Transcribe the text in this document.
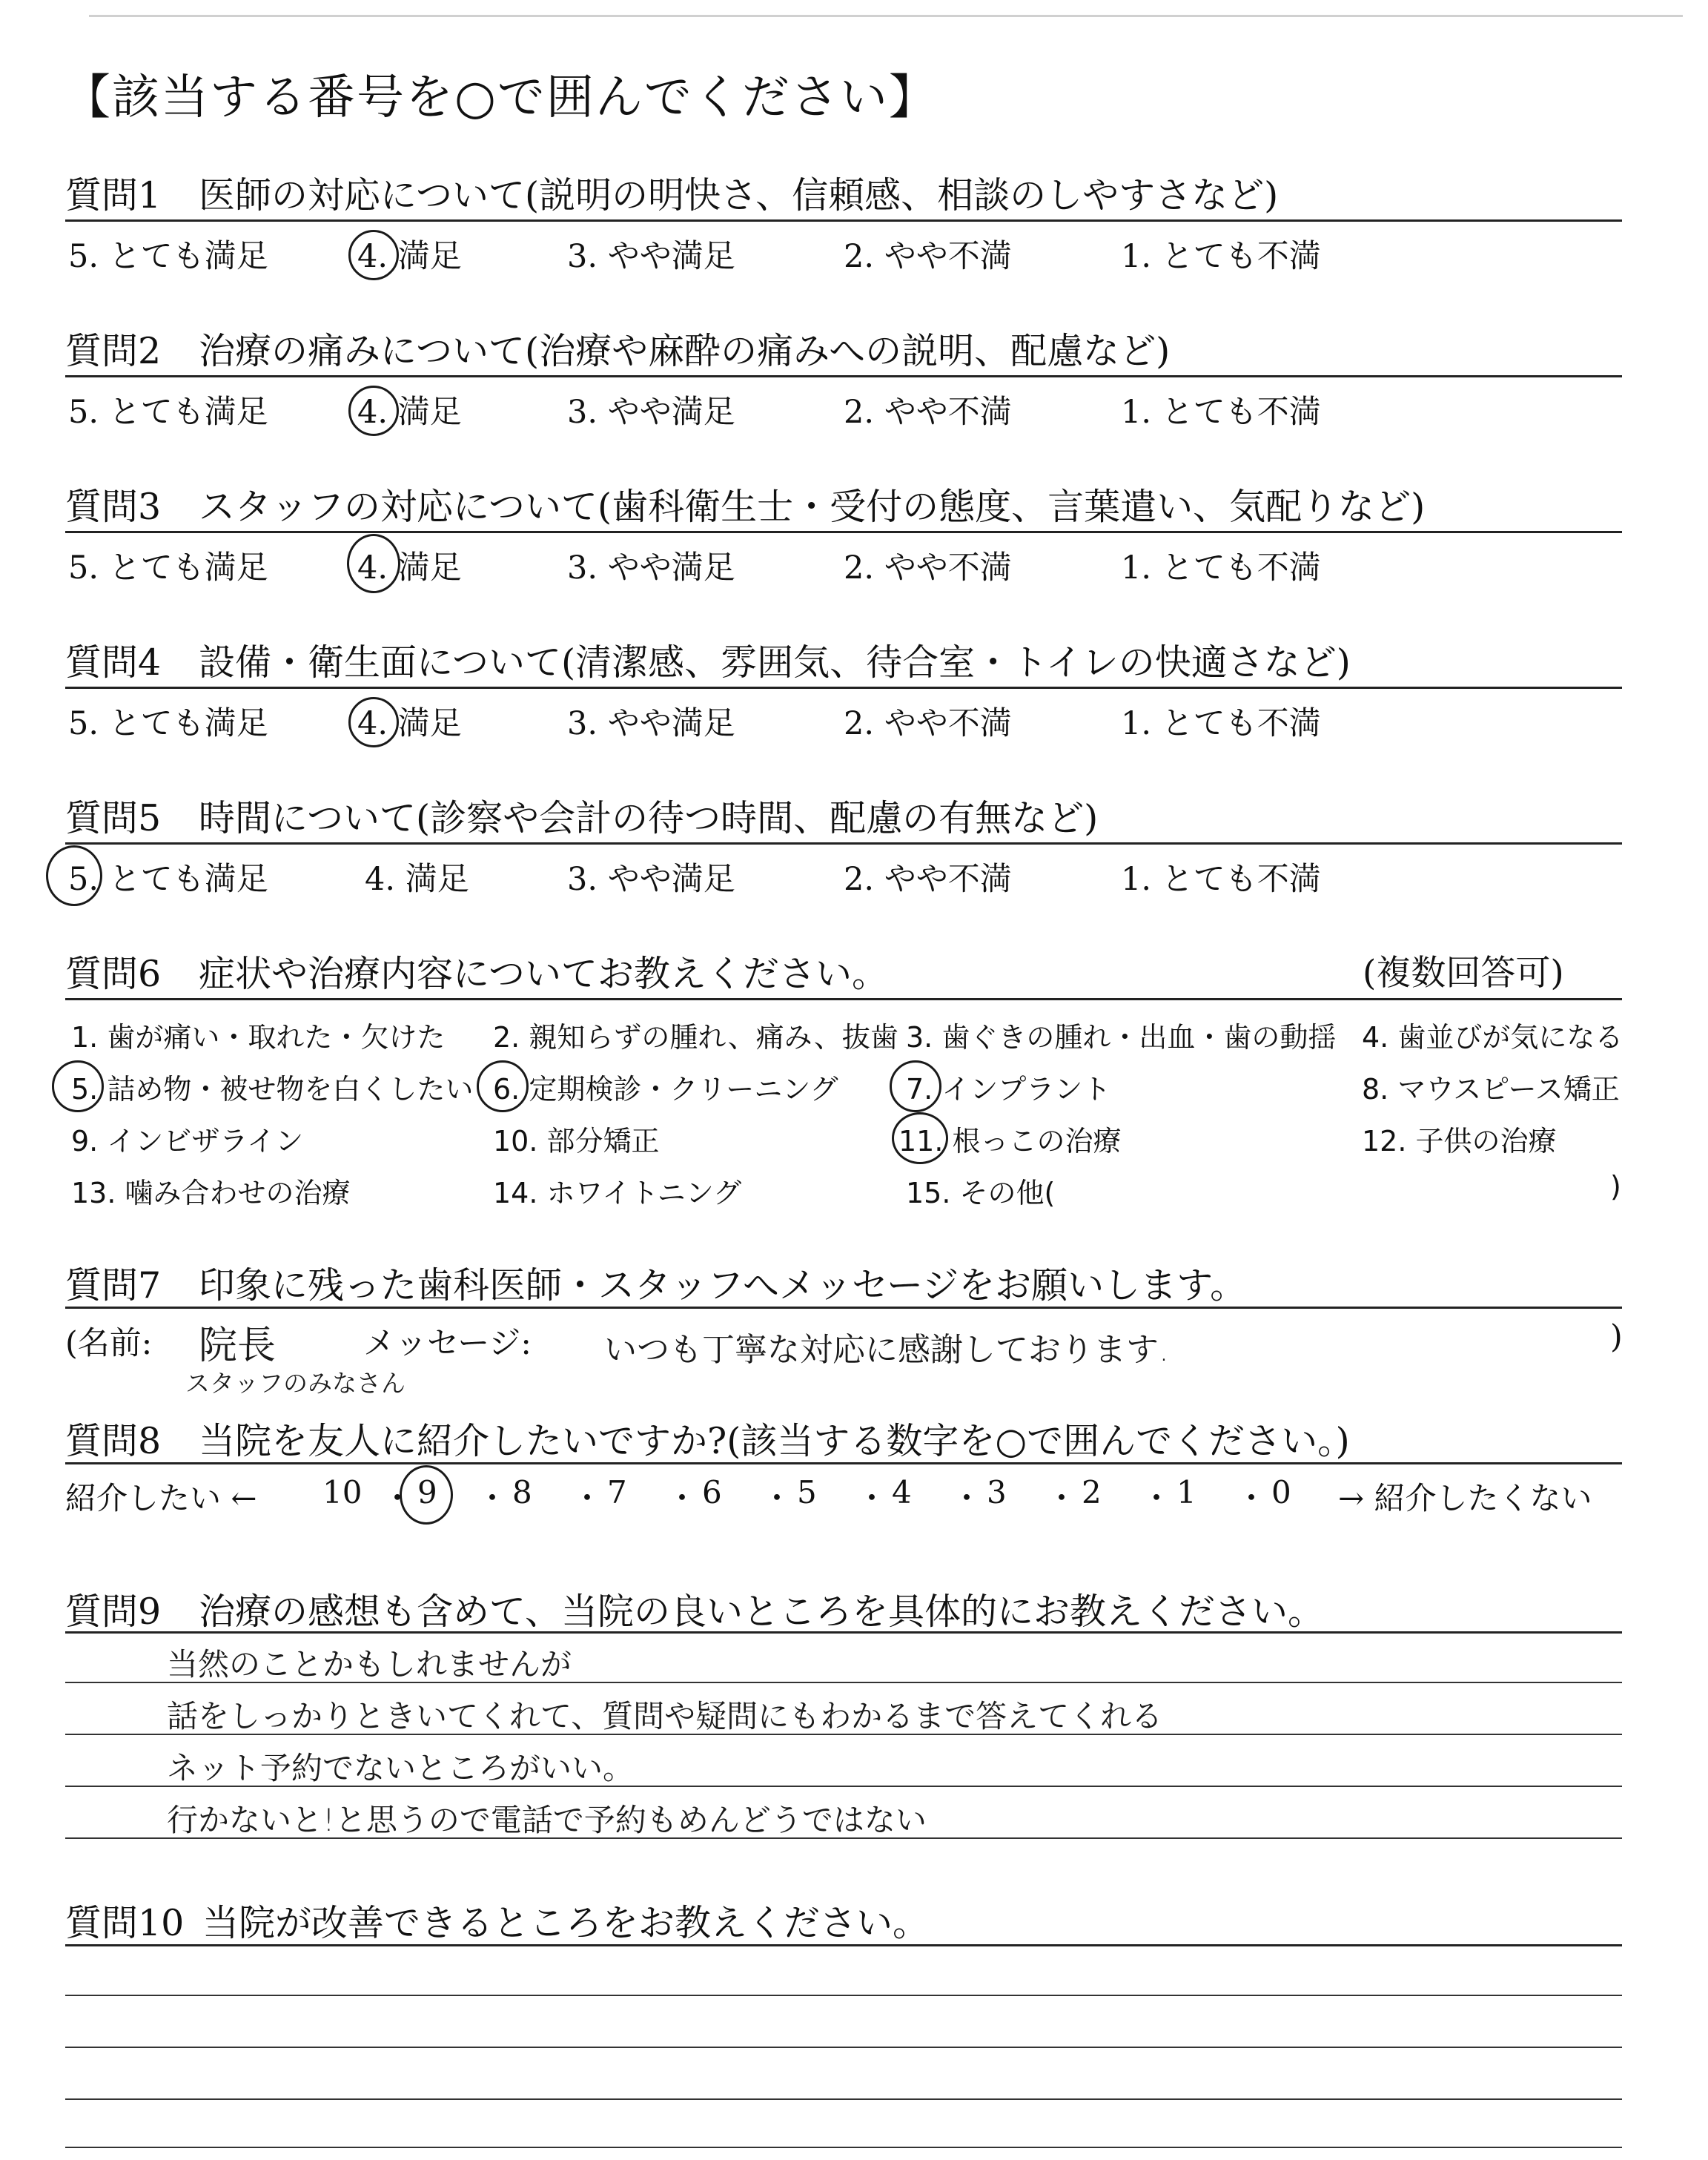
【該当する番号を○で囲んでください】
質問1 医師の対応について(説明の明快さ、信頼感、相談のしやすさなど)
5. とても満足	4. 満足	3. やや満足	2. やや不満	1. とても不満
質問2 治療の痛みについて(治療や麻酔の痛みへの説明、配慮など)
5. とても満足	4. 満足	3. やや満足	2. やや不満	1. とても不満
質問3 スタッフの対応について(歯科衛生士・受付の態度、言葉遣い、気配りなど)
5. とても満足	4. 満足	3. やや満足	2. やや不満	1. とても不満
質問4 設備・衛生面について(清潔感、雰囲気、待合室・トイレの快適さなど)
5. とても満足	4. 満足	3. やや満足	2. やや不満	1. とても不満
質問5 時間について(診察や会計の待つ時間、配慮の有無など)
5. とても満足	4. 満足	3. やや満足	2. やや不満	1. とても不満
質問6 症状や治療内容についてお教えください。	(複数回答可)
1. 歯が痛い・取れた・欠けた 2. 親知らずの腫れ、痛み、抜歯 3. 歯ぐきの腫れ・出血・歯の動揺 4. 歯並びが気になる
5. 詰め物・被せ物を白くしたい 6. 定期検診・クリーニング 7. インプラント	8. マウスピース矯正
9. インビザライン	10. 部分矯正	11. 根っこの治療	12. 子供の治療
13. 噛み合わせの治療	14. ホワイトニング	15. その他(	)
質問7 印象に残った歯科医師・スタッフへメッセージをお願いします。
(名前:	メッセージ:	)
院長
スタッフのみなさん
いつも丁寧な対応に感謝しております.
質問8 当院を友人に紹介したいですか?(該当する数字を○で囲んでください。)
紹介したい ←	→ 紹介したくない
10 ・ 9 ・ 8 ・ 7 ・ 6 ・ 5 ・ 4 ・ 3 ・ 2 ・ 1 ・ 0
質問9 治療の感想も含めて、当院の良いところを具体的にお教えください。
当然のことかもしれませんが
話をしっかりときいてくれて、質問や疑問にもわかるまで答えてくれる
ネット予約でないところがいい。
行かないと!と思うので電話で予約もめんどうではない
質問10 当院が改善できるところをお教えください。
